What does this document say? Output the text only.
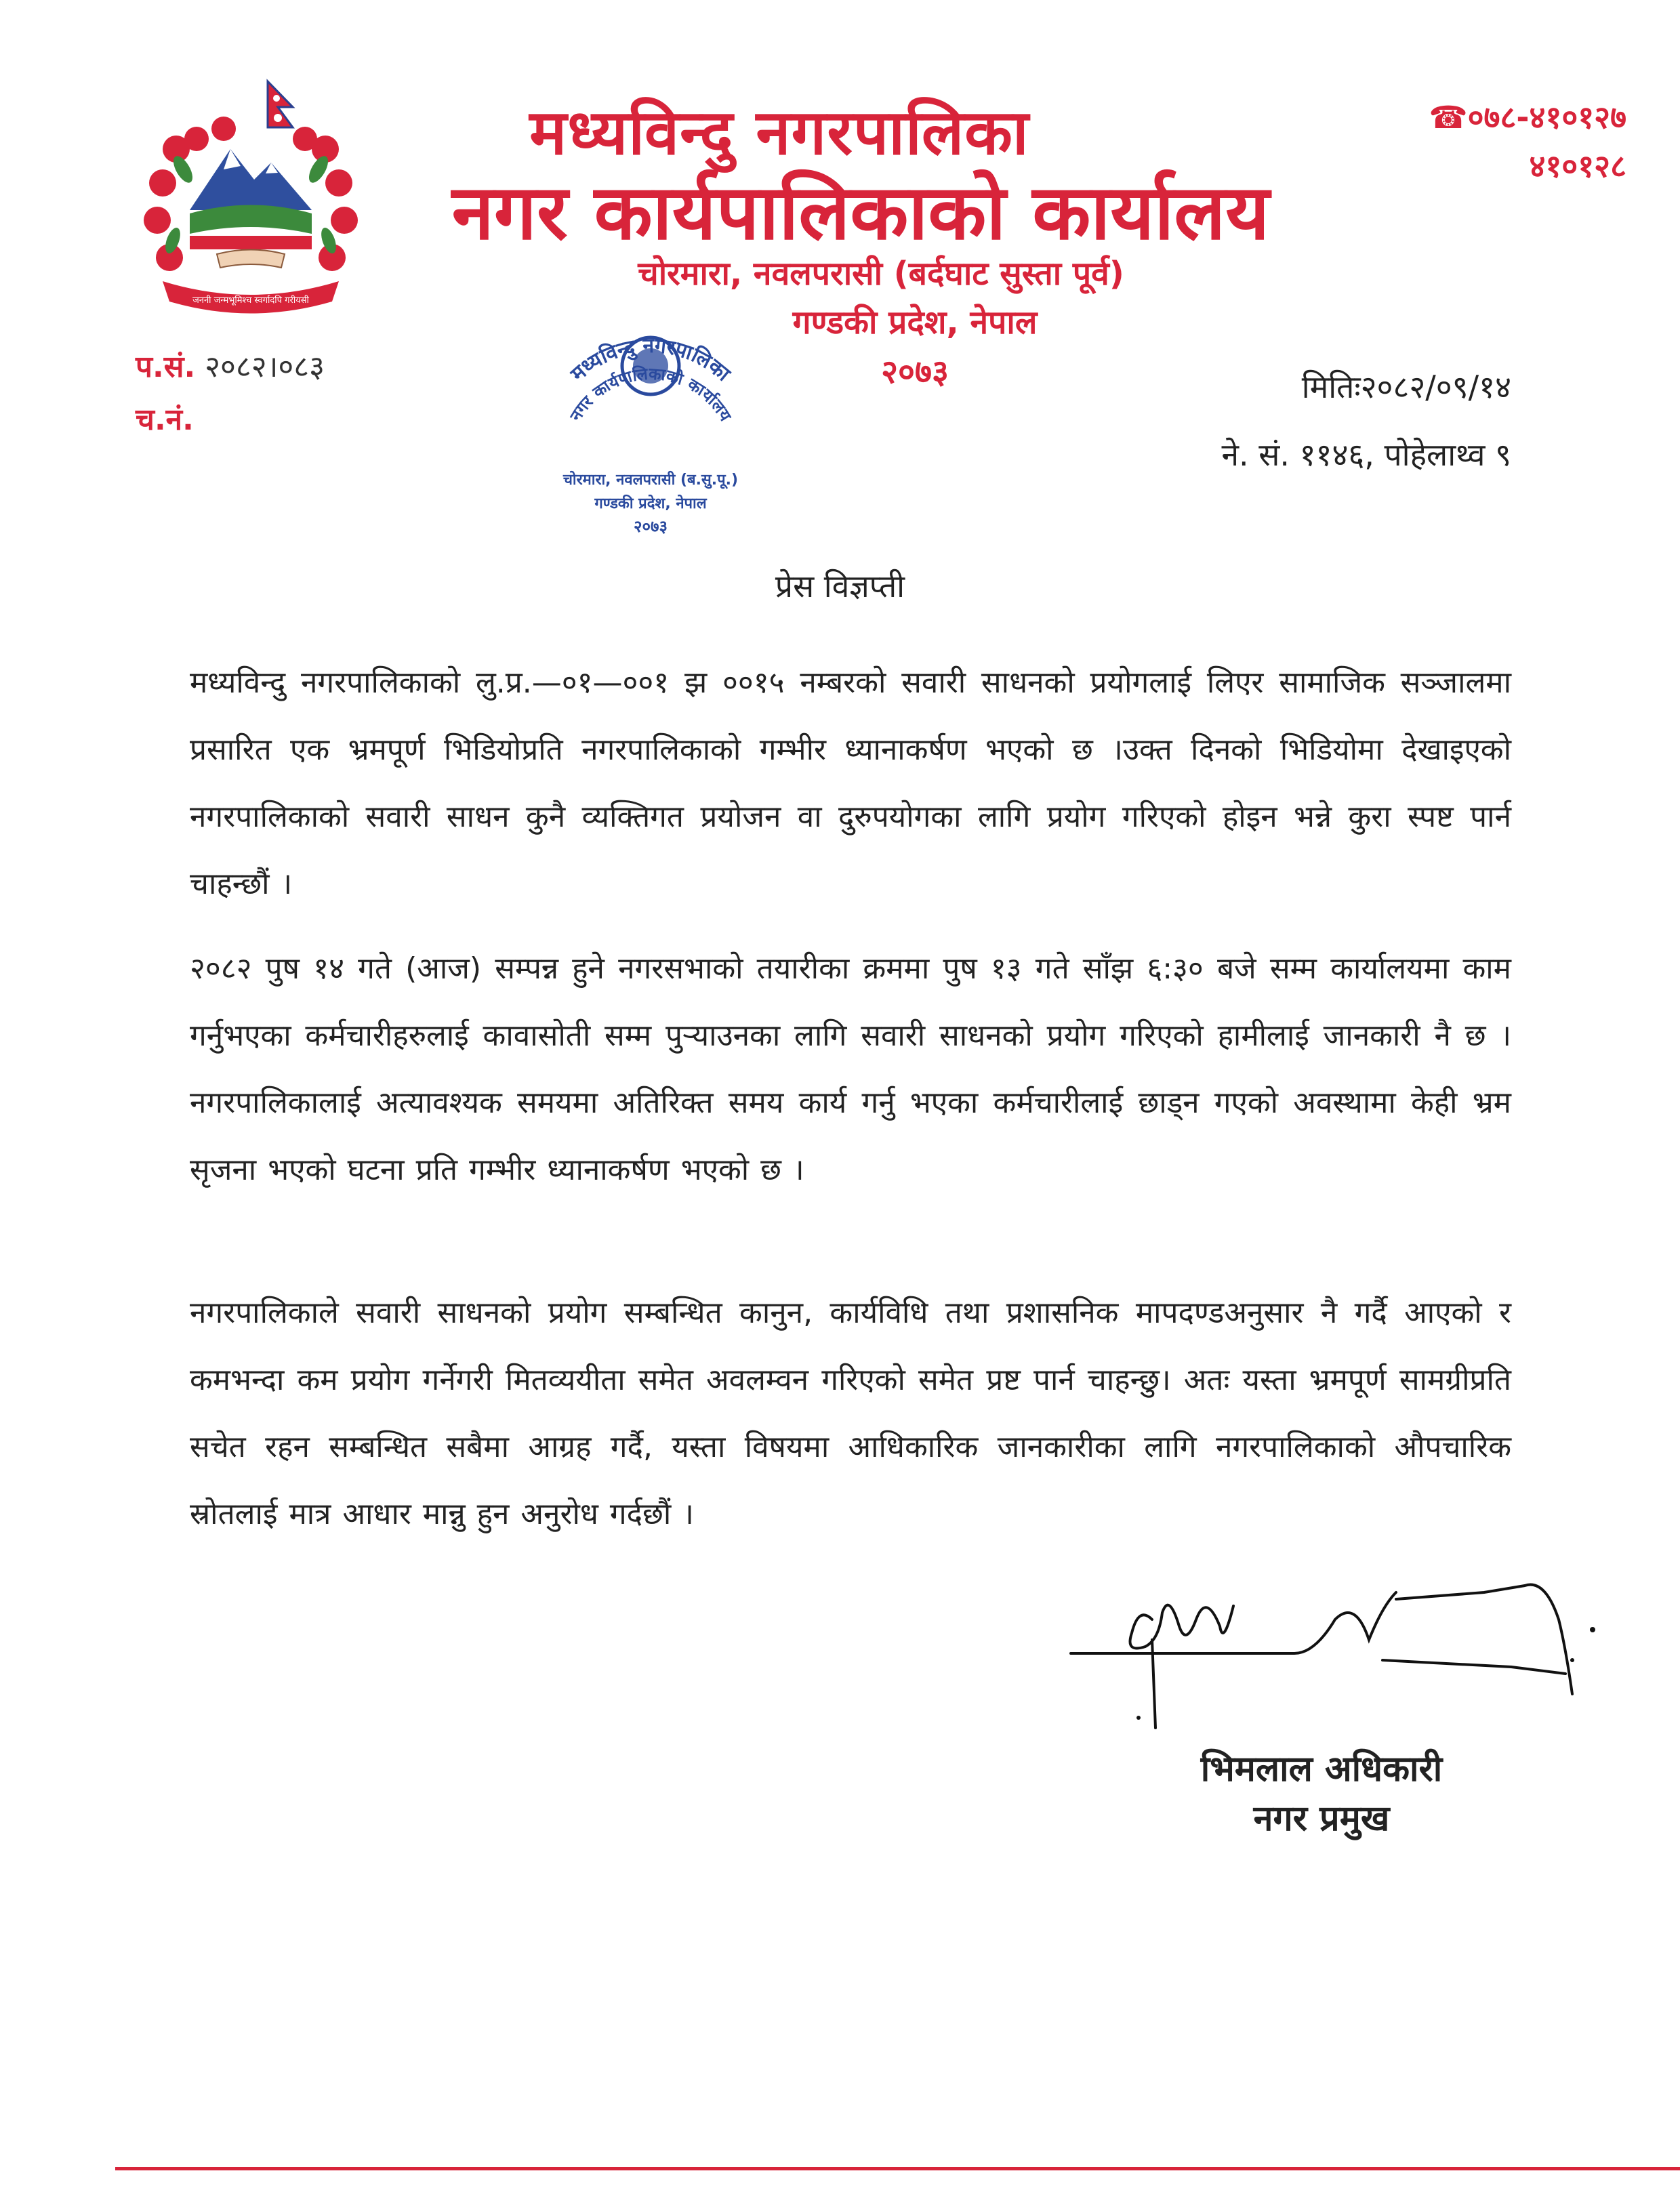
जननी जन्मभूमिश्च स्वर्गादपि गरीयसी
मध्यविन्दु नगरपालिका
नगर कार्यपालिकाको कार्यालय
चोरमारा, नवलपरासी (बर्दघाट सुस्ता पूर्व)
गण्डकी प्रदेश, नेपाल
२०७३
☎०७८-४१०१२७
४१०१२८
प.सं. २०८२।०८३
च.नं.
मध्यविन्दु नगरपालिका
नगर कार्यपालिकाको कार्यालय
चोरमारा, नवलपरासी (ब.सु.पू.)
गण्डकी प्रदेश, नेपाल
२०७३
मितिः२०८२/०९/१४
ने. सं. ११४६, पोहेलाथ्व ९
प्रेस विज्ञप्ती
मध्यविन्दु नगरपालिकाको लु.प्र.—०१—००१ झ ००१५ नम्बरको सवारी साधनको प्रयोगलाई लिएर सामाजिक सञ्जालमा प्रसारित एक भ्रमपूर्ण भिडियोप्रति नगरपालिकाको गम्भीर ध्यानाकर्षण भएको छ ।उक्त दिनको भिडियोमा देखाइएको नगरपालिकाको सवारी साधन कुनै व्यक्तिगत प्रयोजन वा दुरुपयोगका लागि प्रयोग गरिएको होइन भन्ने कुरा स्पष्ट पार्न चाहन्छौं ।
२०८२ पुष १४ गते (आज) सम्पन्न हुने नगरसभाको तयारीका क्रममा पुष १३ गते साँझ ६:३० बजे सम्म कार्यालयमा काम गर्नुभएका कर्मचारीहरुलाई कावासोती सम्म पुऱ्याउनका लागि सवारी साधनको प्रयोग गरिएको हामीलाई जानकारी नै छ । नगरपालिकालाई अत्यावश्यक समयमा अतिरिक्त समय कार्य गर्नु भएका कर्मचारीलाई छाड्न गएको अवस्थामा केही भ्रम सृजना भएको घटना प्रति गम्भीर ध्यानाकर्षण भएको छ ।
नगरपालिकाले सवारी साधनको प्रयोग सम्बन्धित कानुन, कार्यविधि तथा प्रशासनिक मापदण्डअनुसार नै गर्दै आएको र कमभन्दा कम प्रयोग गर्नेगरी मितव्ययीता समेत अवलम्वन गरिएको समेत प्रष्ट पार्न चाहन्छु। अतः यस्ता भ्रमपूर्ण सामग्रीप्रति सचेत रहन सम्बन्धित सबैमा आग्रह गर्दै, यस्ता विषयमा आधिकारिक जानकारीका लागि नगरपालिकाको औपचारिक स्रोतलाई मात्र आधार मान्नु हुन अनुरोध गर्दछौं ।
भिमलाल अधिकारी
नगर प्रमुख
